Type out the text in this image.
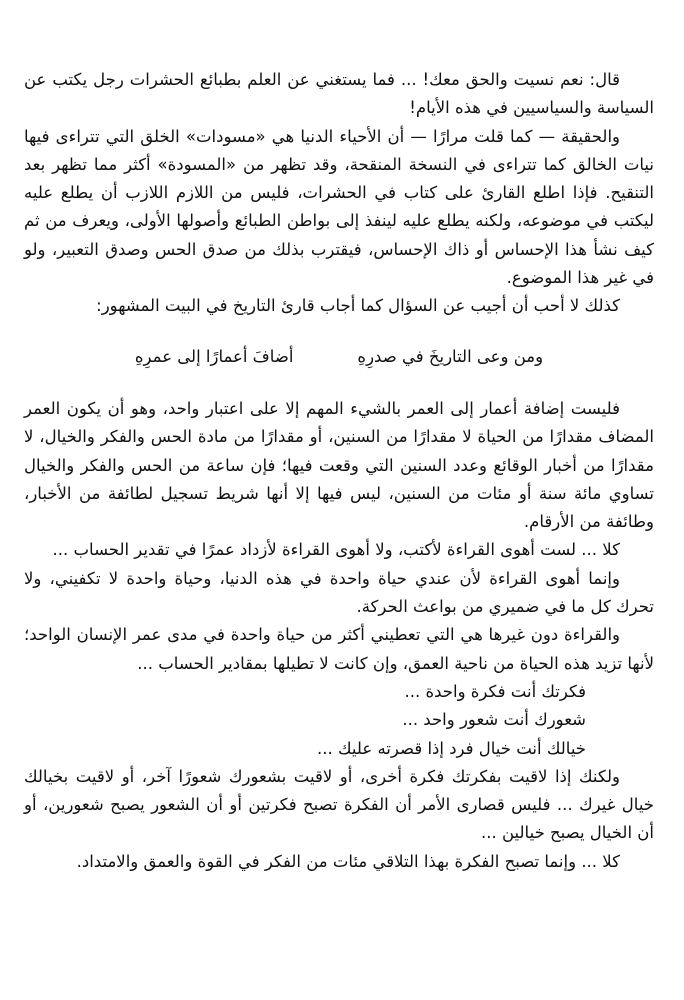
قال: نعم نسيت والحق معك! ... فما يستغني عن العلم بطبائع الحشرات رجل يكتب عن السياسة والسياسيين في هذه الأيام!

والحقيقة — كما قلت مرارًا — أن الأحياء الدنيا هي «مسودات» الخلق التي تتراءى فيها نيات الخالق كما تتراءى في النسخة المنقحة، وقد تظهر من «المسودة» أكثر مما تظهر بعد التنقيح. فإذا اطلع القارئ على كتاب في الحشرات، فليس من اللازم اللازب أن يطلع عليه ليكتب في موضوعه، ولكنه يطلع عليه لينفذ إلى بواطن الطبائع وأصولها الأولى، ويعرف من ثم كيف نشأ هذا الإحساس أو ذاك الإحساس، فيقترب بذلك من صدق الحس وصدق التعبير، ولو في غير هذا الموضوع.

كذلك لا أحب أن أجيب عن السؤال كما أجاب قارئ التاريخ في البيت المشهور:

ومن وعى التاريخَ في صدرِهِ
أضافَ أعمارًا إلى عمرِهِ

فليست إضافة أعمار إلى العمر بالشيء المهم إلا على اعتبار واحد، وهو أن يكون العمر المضاف مقدارًا من الحياة لا مقدارًا من السنين، أو مقدارًا من مادة الحس والفكر والخيال، لا مقدارًا من أخبار الوقائع وعدد السنين التي وقعت فيها؛ فإن ساعة من الحس والفكر والخيال تساوي مائة سنة أو مئات من السنين، ليس فيها إلا أنها شريط تسجيل لطائفة من الأخبار، وطائفة من الأرقام.

كلا ... لست أهوى القراءة لأكتب، ولا أهوى القراءة لأزداد عمرًا في تقدير الحساب ...

وإنما أهوى القراءة لأن عندي حياة واحدة في هذه الدنيا، وحياة واحدة لا تكفيني، ولا تحرك كل ما في ضميري من بواعث الحركة.

والقراءة دون غيرها هي التي تعطيني أكثر من حياة واحدة في مدى عمر الإنسان الواحد؛ لأنها تزيد هذه الحياة من ناحية العمق، وإن كانت لا تطيلها بمقادير الحساب ...

فكرتك أنت فكرة واحدة ...

شعورك أنت شعور واحد ...

خيالك أنت خيال فرد إذا قصرته عليك ...

ولكنك إذا لاقيت بفكرتك فكرة أخرى، أو لاقيت بشعورك شعورًا آخر، أو لاقيت بخيالك خيال غيرك ... فليس قصارى الأمر أن الفكرة تصبح فكرتين أو أن الشعور يصبح شعورين، أو أن الخيال يصبح خيالين ...

كلا ... وإنما تصبح الفكرة بهذا التلاقي مئات من الفكر في القوة والعمق والامتداد.
